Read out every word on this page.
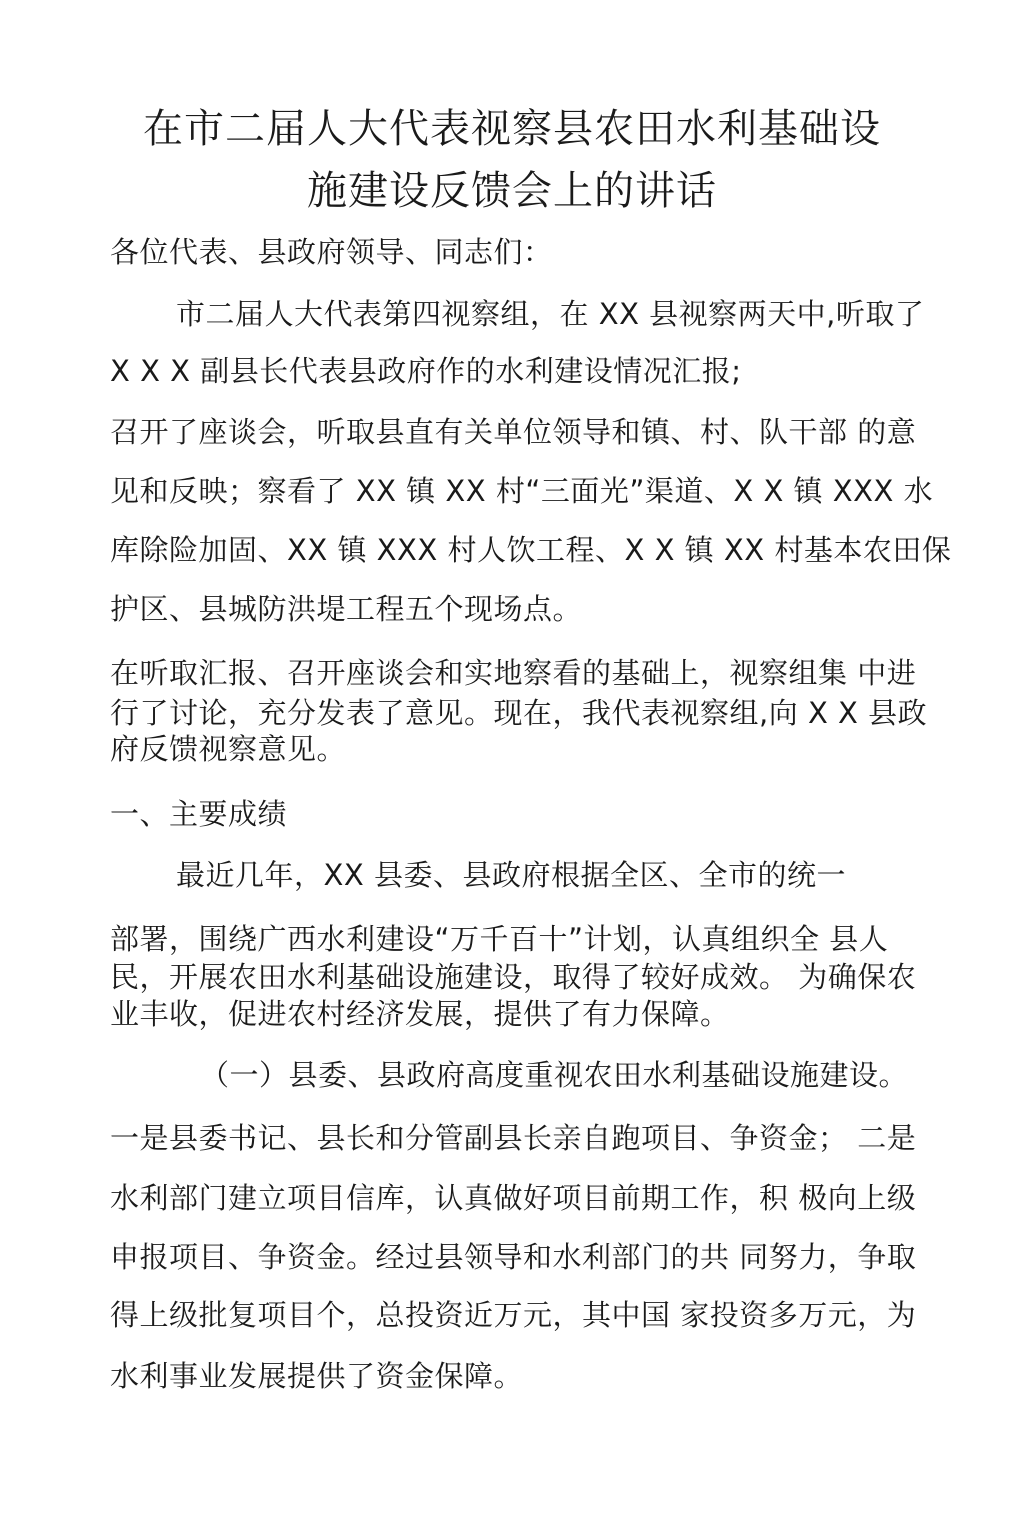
在市二届人大代表视察县农田水利基础设
施建设反馈会上的讲话
各位代表、县政府领导、同志们：
市二届人大代表第四视察组，在 XX 县视察两天中,听取了
X X X 副县长代表县政府作的水利建设情况汇报;
召开了座谈会，听取县直有关单位领导和镇、村、队干部 的意
见和反映；察看了 XX 镇 XX 村“三面光”渠道、X X 镇 XXX 水
库除险加固、XX 镇 XXX 村人饮工程、X X 镇 XX 村基本农田保
护区、县城防洪堤工程五个现场点。
在听取汇报、召开座谈会和实地察看的基础上，视察组集 中进
行了讨论，充分发表了意见。现在，我代表视察组,向 X X 县政
府反馈视察意见。
一、主要成绩
最近几年，XX 县委、县政府根据全区、全市的统一
部署，围绕广西水利建设“万千百十”计划，认真组织全 县人
民，开展农田水利基础设施建设，取得了较好成效。 为确保农
业丰收，促进农村经济发展，提供了有力保障。
（一）县委、县政府高度重视农田水利基础设施建设。
一是县委书记、县长和分管副县长亲自跑项目、争资金； 二是
水利部门建立项目信库，认真做好项目前期工作，积 极向上级
申报项目、争资金。经过县领导和水利部门的共 同努力，争取
得上级批复项目个，总投资近万元，其中国 家投资多万元，为
水利事业发展提供了资金保障。
